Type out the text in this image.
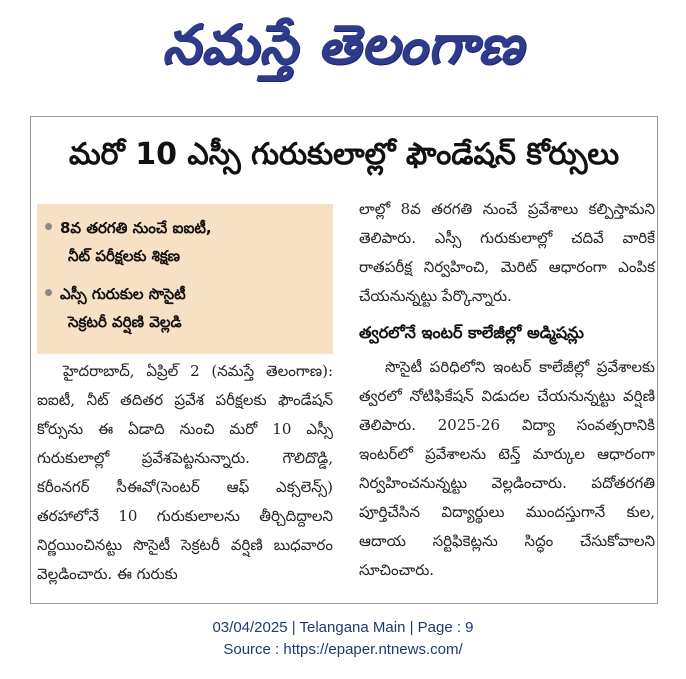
నమస్తే తెలంగాణ
మరో 10 ఎస్సీ గురుకులాల్లో ఫౌండేషన్‌ కోర్సులు
8వ తరగతి నుంచే ఐఐటీ,
నీట్‌ పరీక్షలకు శిక్షణ
ఎస్సీ గురుకుల సొసైటీ
సెక్రటరీ వర్షిణి వెల్లడి

హైదరాబాద్‌, ఏప్రిల్‌ 2 (నమస్తే తెలంగాణ): ఐఐటీ, నీట్‌ తదితర ప్రవేశ పరీక్షలకు ఫౌండేషన్‌ కోర్సును ఈ ఏడాది నుంచి మరో 10 ఎస్సీ గురుకులాల్లో ప్రవేశపెట్టనున్నారు. గౌలిదొడ్డి, కరీంనగర్‌ సీఈవో(సెంటర్‌ ఆఫ్‌ ఎక్సలెన్స్‌) తరహాలోనే 10 గురుకులాలను తీర్చిదిద్దాలని నిర్ణయించినట్టు సొసైటీ సెక్రటరీ వర్షిణి బుధవారం వెల్లడించారు. ఈ గురుకు

లాల్లో 8వ తరగతి నుంచే ప్రవేశాలు కల్పిస్తామని తెలిపారు. ఎస్సీ గురుకులాల్లో చదివే వారికే రాతపరీక్ష నిర్వహించి, మెరిట్‌ ఆధారంగా ఎంపిక చేయనున్నట్టు పేర్కొన్నారు.

త్వరలోనే ఇంటర్‌ కాలేజీల్లో అడ్మిషన్లు

సొసైటీ పరిధిలోని ఇంటర్‌ కాలేజీల్లో ప్రవేశాలకు త్వరలో నోటిఫికేషన్‌ విడుదల చేయనున్నట్టు వర్షిణి తెలిపారు. 2025-26 విద్యా సంవత్సరానికి ఇంటర్‌లో ప్రవేశాలను టెన్త్‌ మార్కుల ఆధారంగా నిర్వహించనున్నట్టు వెల్లడించారు. పదోతరగతి పూర్తిచేసిన విద్యార్థులు ముందస్తుగానే కుల, ఆదాయ సర్టిఫికెట్లను సిద్ధం చేసుకోవాలని సూచించారు.

03/04/2025 | Telangana Main | Page : 9
Source : https://epaper.ntnews.com/
